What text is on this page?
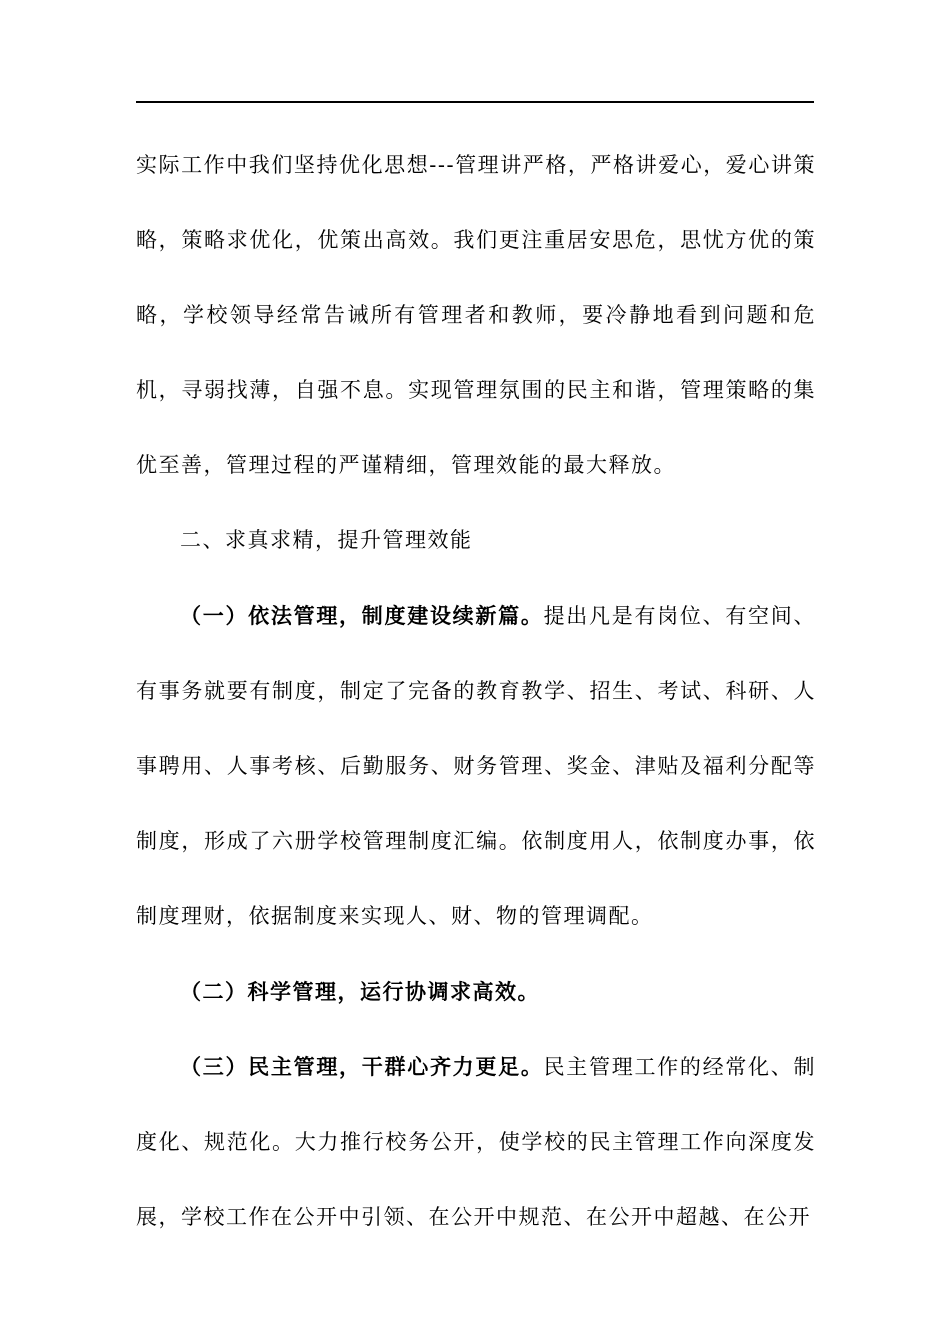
实际工作中我们坚持优化思想---管理讲严格，严格讲爱心，爱心讲策略，策略求优化，优策出高效。我们更注重居安思危，思忧方优的策略，学校领导经常告诫所有管理者和教师，要冷静地看到问题和危机，寻弱找薄，自强不息。实现管理氛围的民主和谐，管理策略的集优至善，管理过程的严谨精细，管理效能的最大释放。

二、求真求精，提升管理效能

（一）依法管理，制度建设续新篇。提出凡是有岗位、有空间、有事务就要有制度，制定了完备的教育教学、招生、考试、科研、人事聘用、人事考核、后勤服务、财务管理、奖金、津贴及福利分配等制度，形成了六册学校管理制度汇编。依制度用人，依制度办事，依制度理财，依据制度来实现人、财、物的管理调配。

（二）科学管理，运行协调求高效。

（三）民主管理，干群心齐力更足。民主管理工作的经常化、制度化、规范化。大力推行校务公开，使学校的民主管理工作向深度发展，学校工作在公开中引领、在公开中规范、在公开中超越、在公开
